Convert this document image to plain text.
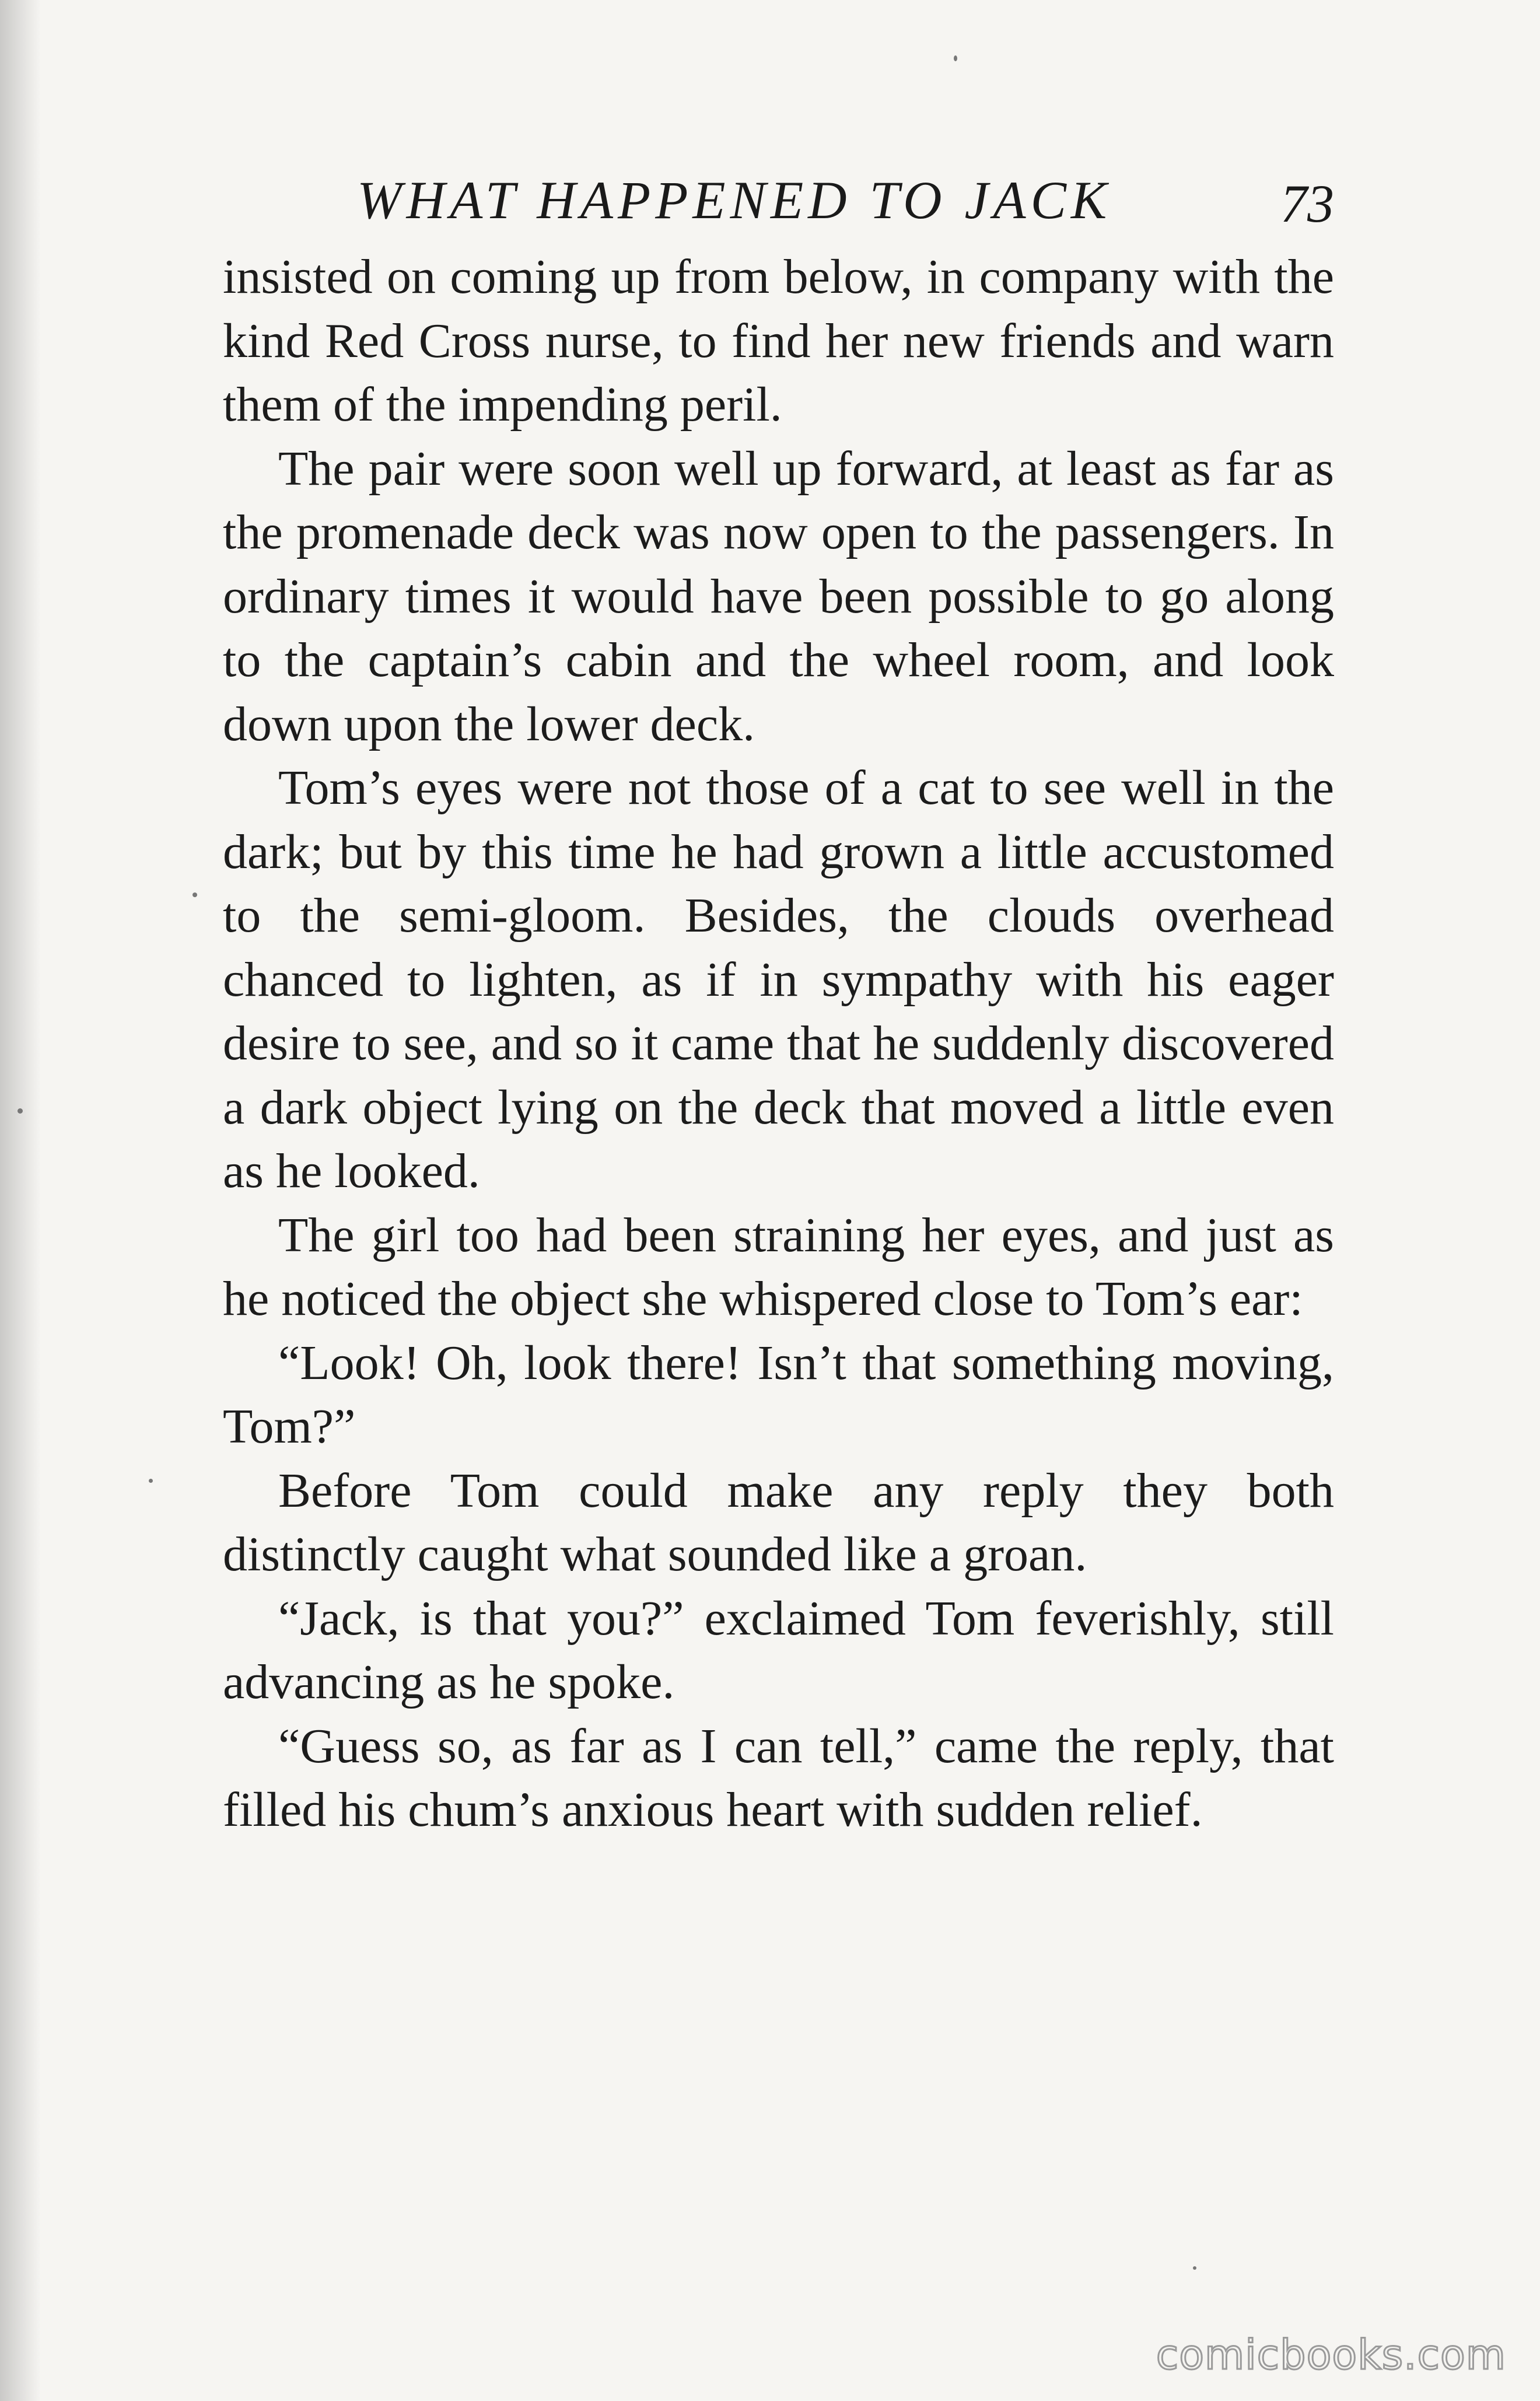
WHAT HAPPENED TO JACK	73

insisted on coming up from below, in company with the kind Red Cross nurse, to find her new friends and warn them of the impending peril.

The pair were soon well up forward, at least as far as the promenade deck was now open to the passengers. In ordinary times it would have been possible to go along to the captain’s cabin and the wheel room, and look down upon the lower deck.

Tom’s eyes were not those of a cat to see well in the dark; but by this time he had grown a little accustomed to the semi-gloom. Besides, the clouds overhead chanced to lighten, as if in sympathy with his eager desire to see, and so it came that he suddenly discovered a dark object lying on the deck that moved a little even as he looked.

The girl too had been straining her eyes, and just as he noticed the object she whispered close to Tom’s ear:

“Look! Oh, look there! Isn’t that something moving, Tom?”

Before Tom could make any reply they both distinctly caught what sounded like a groan.

“Jack, is that you?” exclaimed Tom feverishly, still advancing as he spoke.

“Guess so, as far as I can tell,” came the reply, that filled his chum’s anxious heart with sudden relief.

comicbooks.com
